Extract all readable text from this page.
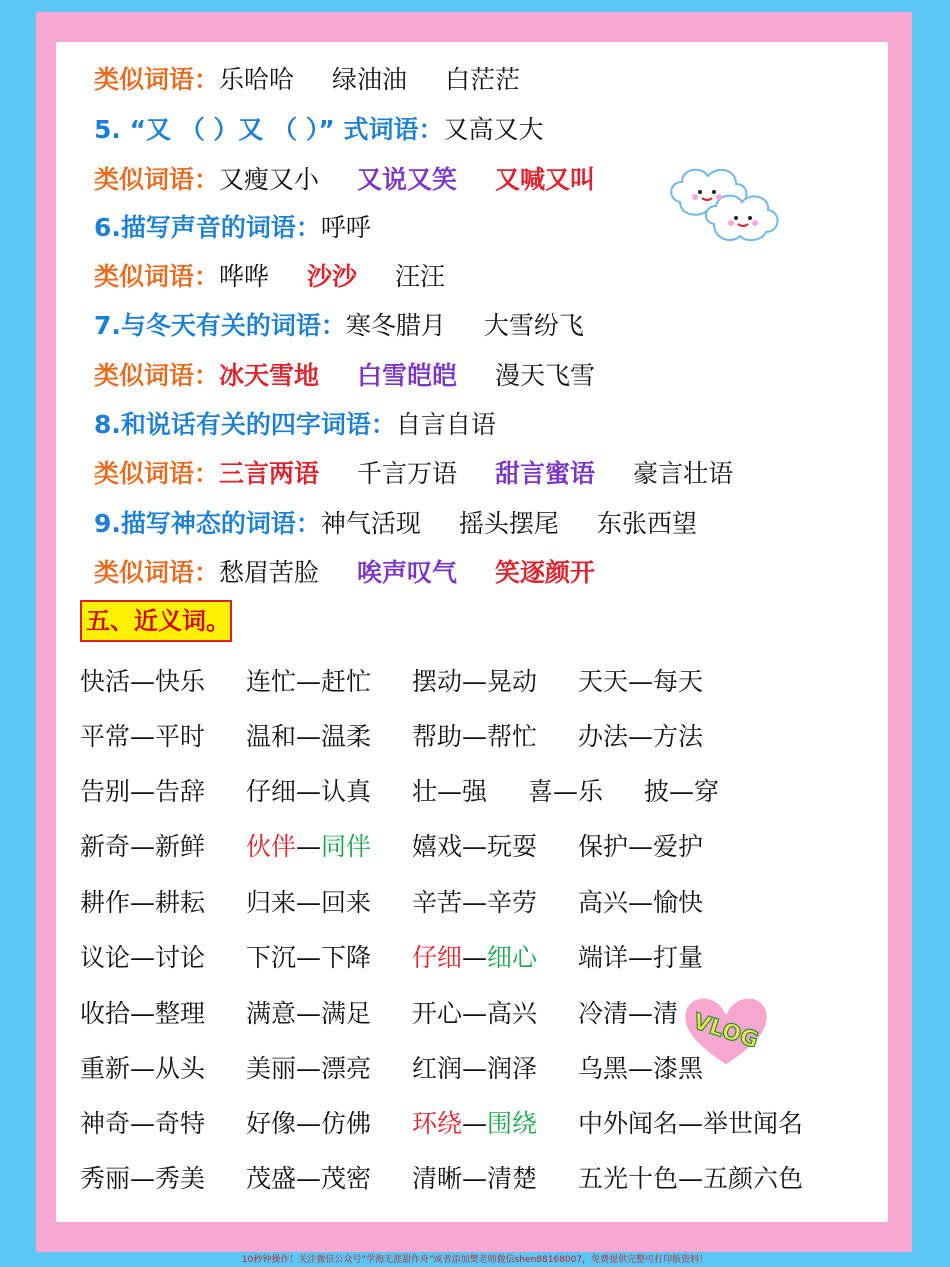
类似词语：乐哈哈 绿油油 白茫茫
5. “又 （ ）又 （ ）” 式词语：又高又大
类似词语：又瘦又小 又说又笑 又喊又叫
6.描写声音的词语：呼呼
类似词语：哗哗 沙沙 汪汪
7.与冬天有关的词语：寒冬腊月 大雪纷飞
类似词语：冰天雪地 白雪皑皑 漫天飞雪
8.和说话有关的四字词语：自言自语
类似词语：三言两语 千言万语 甜言蜜语 豪言壮语
9.描写神态的词语：神气活现 摇头摆尾 东张西望
类似词语：愁眉苦脸 唉声叹气 笑逐颜开
五、近义词。
快活—快乐 连忙—赶忙 摆动—晃动 天天—每天
平常—平时 温和—温柔 帮助—帮忙 办法—方法
告别—告辞 仔细—认真 壮—强 喜—乐 披—穿
新奇—新鲜 伙伴—同伴 嬉戏—玩耍 保护—爱护
耕作—耕耘 归来—回来 辛苦—辛劳 高兴—愉快
议论—讨论 下沉—下降 仔细—细心 端详—打量
收拾—整理 满意—满足 开心—高兴 冷清—清
重新—从头 美丽—漂亮 红润—润泽 乌黑—漆黑
神奇—奇特 好像—仿佛 环绕—围绕 中外闻名—举世闻名
秀丽—秀美 茂盛—茂密 清晰—清楚 五光十色—五颜六色
VLOG
10秒钟操作！关注微信公众号“学海无涯甜作舟”或者添加樊老师微信shen88168007，免费提供完整可打印版资料！
